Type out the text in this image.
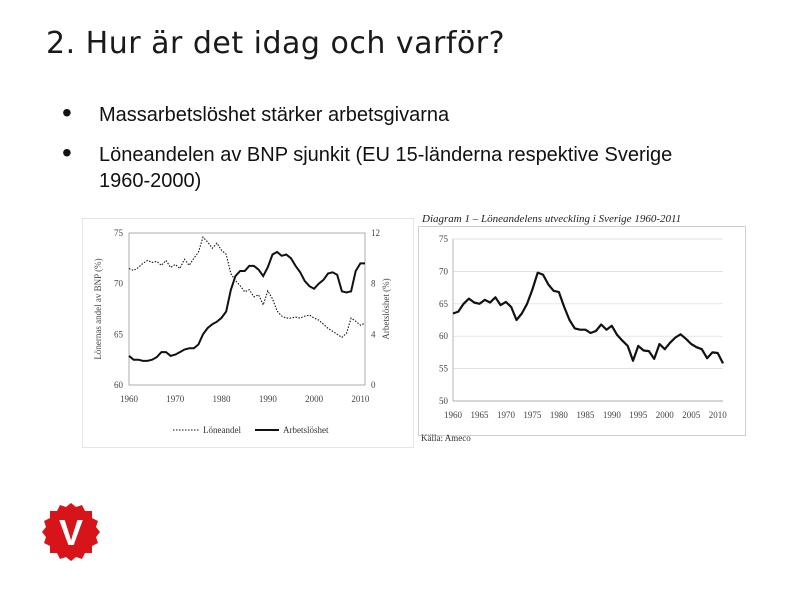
2. Hur är det idag och varför?
• Massarbetslöshet stärker arbetsgivarna
• Löneandelen av BNP sjunkit (EU 15-länderna respektive Sverige 1960-2000)
75
70
65
60
12
8
4
0
1960	1970	1980	1990	2000	2010
Lönernas andel av BNP (%)	Arbetslöshet (%)
Löneandel	Arbetslöshet
Diagram 1 – Löneandelens utveckling i Sverige 1960-2011
75
70
65
60
55
50
1960 1965 1970 1975 1980 1985 1990 1995 2000 2005 2010
Källa: Ameco
V
